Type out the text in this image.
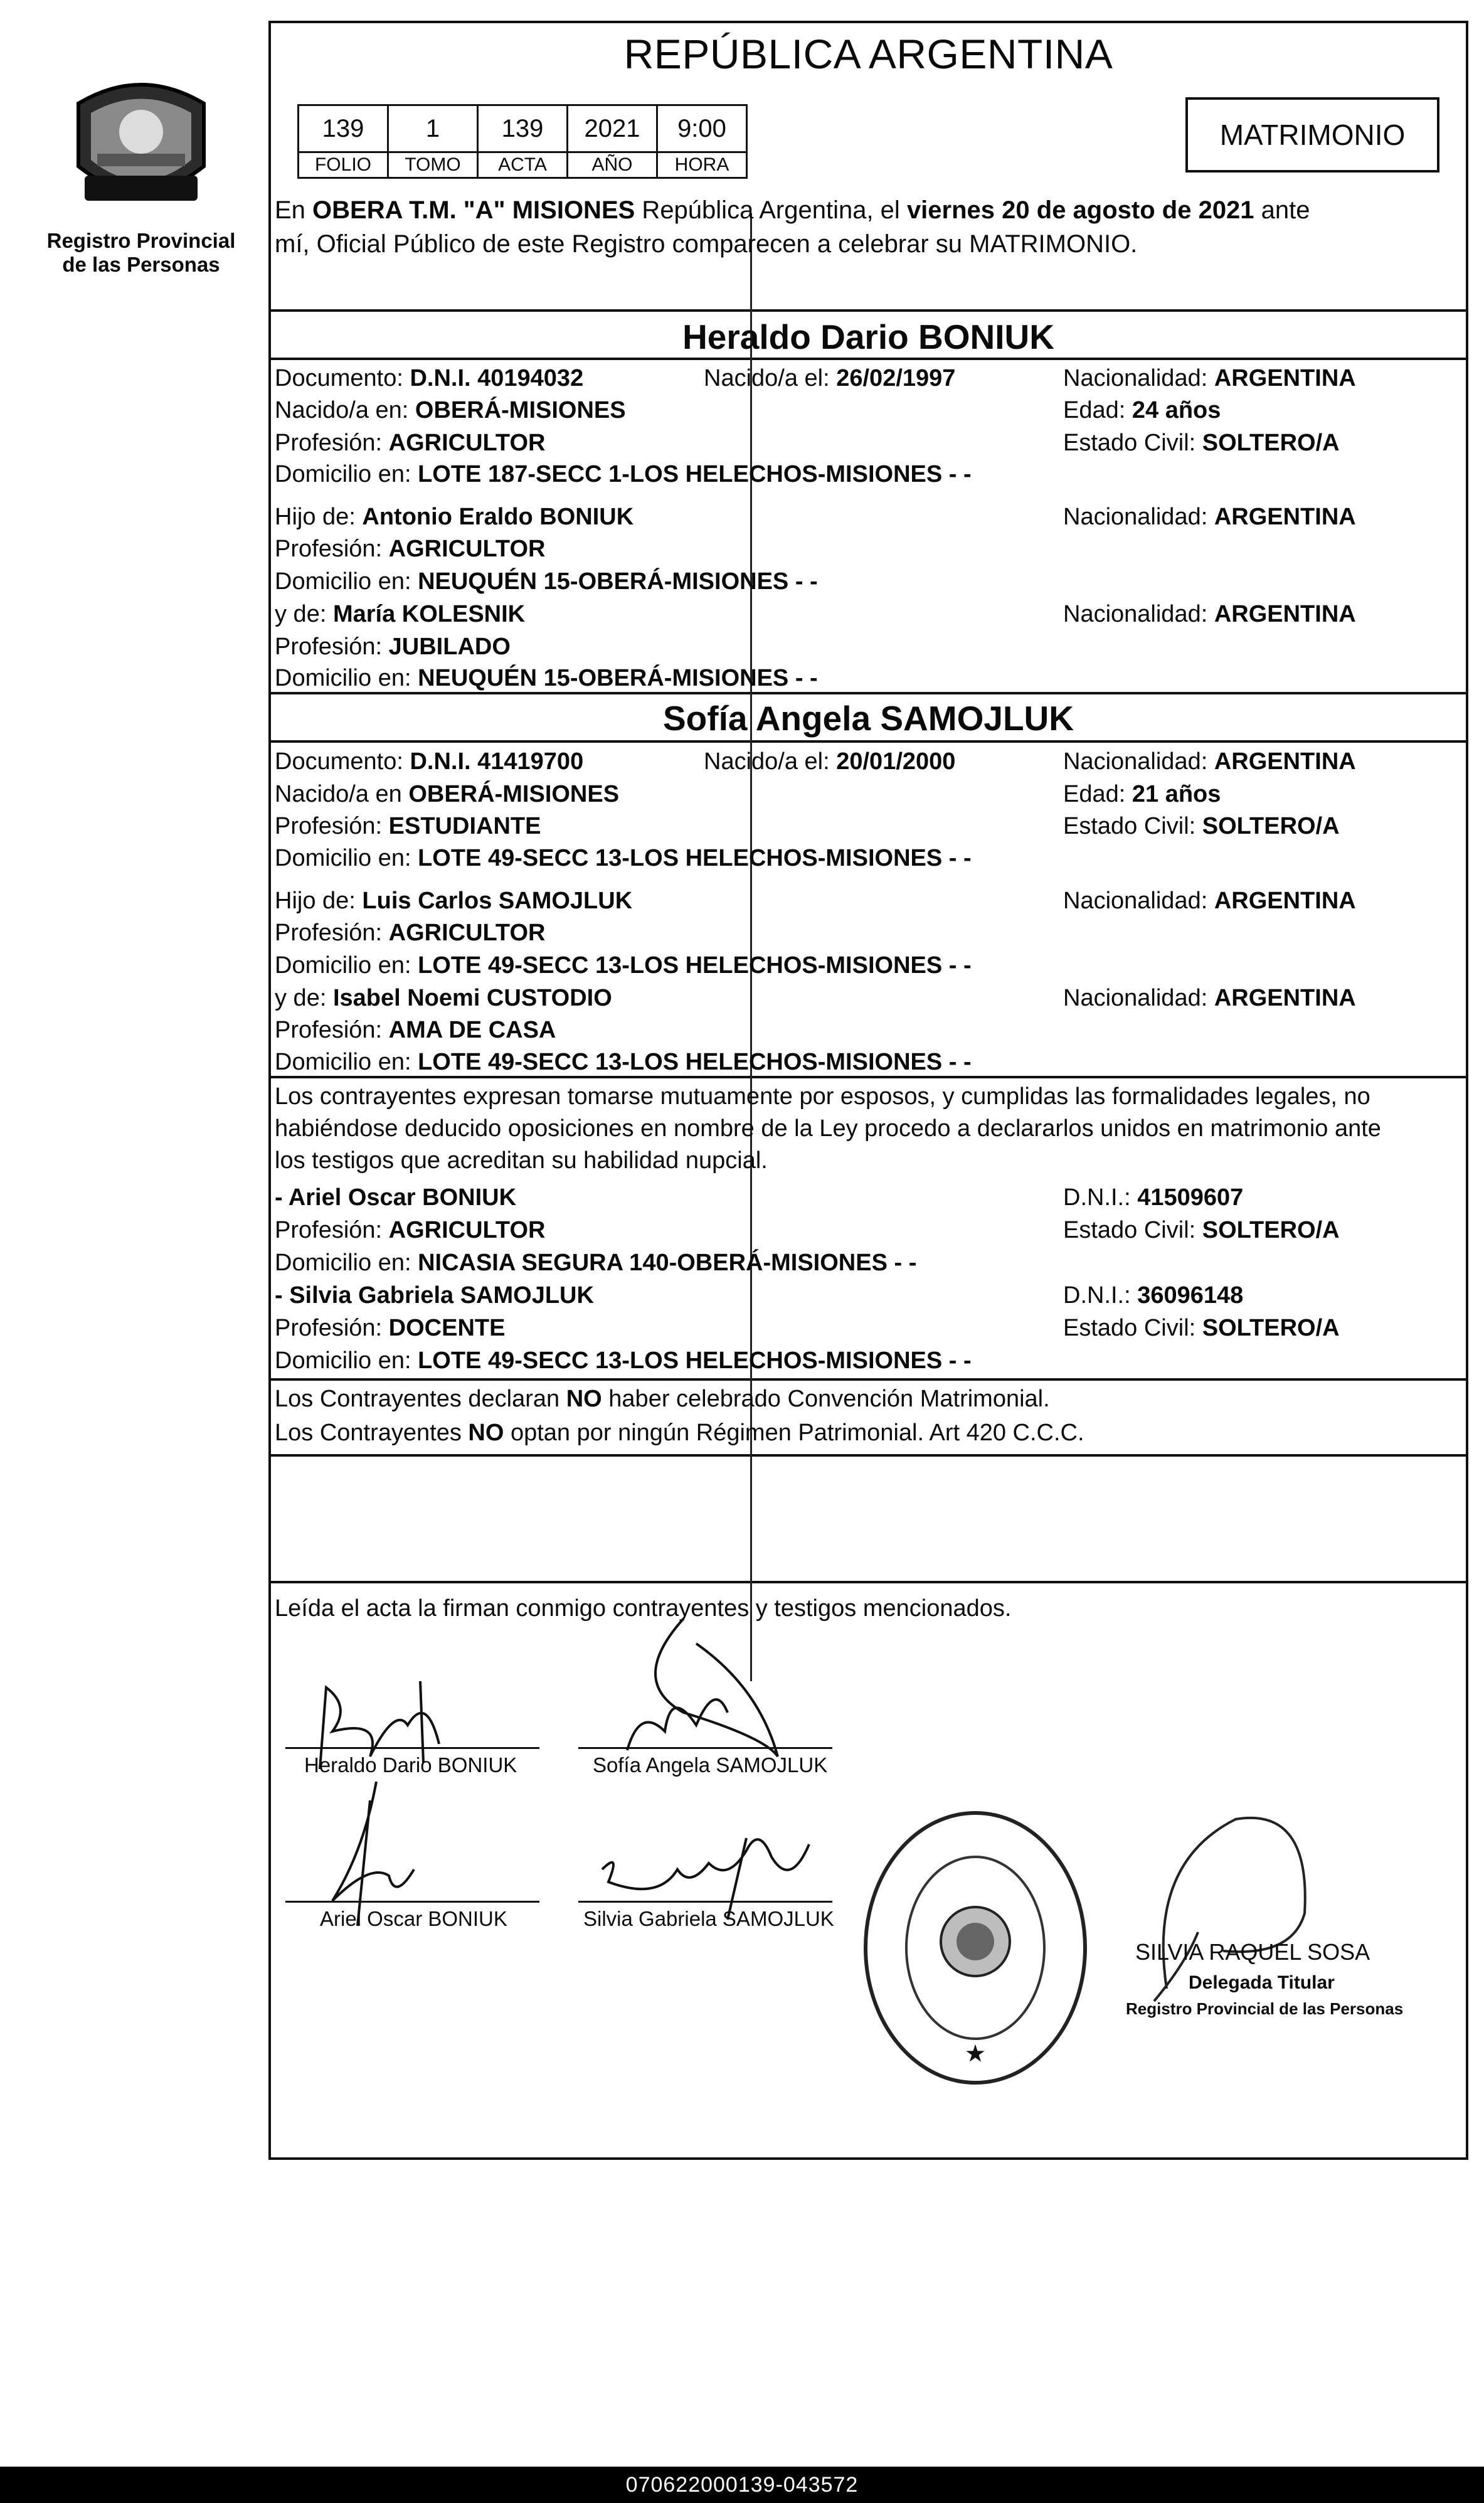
Registro Provincial
de las Personas
REPÚBLICA ARGENTINA
139	1	139	2021	9:00
FOLIO	TOMO	ACTA	AÑO	HORA
MATRIMONIO
En OBERA T.M. "A" MISIONES República Argentina, el viernes 20 de agosto de 2021 ante
mí, Oficial Público de este Registro comparecen a celebrar su MATRIMONIO.
Heraldo Dario BONIUK
Documento: D.N.I. 40194032	Nacido/a el: 26/02/1997	Nacionalidad: ARGENTINA
Nacido/a en: OBERÁ-MISIONES	Edad: 24 años
Profesión: AGRICULTOR	Estado Civil: SOLTERO/A
Domicilio en: LOTE 187-SECC 1-LOS HELECHOS-MISIONES - -
Hijo de: Antonio Eraldo BONIUK	Nacionalidad: ARGENTINA
Profesión: AGRICULTOR
Domicilio en: NEUQUÉN 15-OBERÁ-MISIONES - -
y de: María KOLESNIK	Nacionalidad: ARGENTINA
Profesión: JUBILADO
Domicilio en: NEUQUÉN 15-OBERÁ-MISIONES - -
Sofía Angela SAMOJLUK
Documento: D.N.I. 41419700	Nacido/a el: 20/01/2000	Nacionalidad: ARGENTINA
Nacido/a en OBERÁ-MISIONES	Edad: 21 años
Profesión: ESTUDIANTE	Estado Civil: SOLTERO/A
Domicilio en: LOTE 49-SECC 13-LOS HELECHOS-MISIONES - -
Hijo de: Luis Carlos SAMOJLUK	Nacionalidad: ARGENTINA
Profesión: AGRICULTOR
Domicilio en: LOTE 49-SECC 13-LOS HELECHOS-MISIONES - -
y de: Isabel Noemi CUSTODIO	Nacionalidad: ARGENTINA
Profesión: AMA DE CASA
Domicilio en: LOTE 49-SECC 13-LOS HELECHOS-MISIONES - -
Los contrayentes expresan tomarse mutuamente por esposos, y cumplidas las formalidades legales, no
habiéndose deducido oposiciones en nombre de la Ley procedo a declararlos unidos en matrimonio ante
los testigos que acreditan su habilidad nupcial.
- Ariel Oscar BONIUK	D.N.I.: 41509607
Profesión: AGRICULTOR	Estado Civil: SOLTERO/A
Domicilio en: NICASIA SEGURA 140-OBERÁ-MISIONES - -
- Silvia Gabriela SAMOJLUK	D.N.I.: 36096148
Profesión: DOCENTE	Estado Civil: SOLTERO/A
Domicilio en: LOTE 49-SECC 13-LOS HELECHOS-MISIONES - -
Los Contrayentes declaran NO haber celebrado Convención Matrimonial.
Los Contrayentes NO optan por ningún Régimen Patrimonial. Art 420 C.C.C.
Leída el acta la firman conmigo contrayentes y testigos mencionados.
Heraldo Dario BONIUK	Sofía Angela SAMOJLUK
Ariel Oscar BONIUK	Silvia Gabriela SAMOJLUK
★
SILVIA RAQUEL SOSA
Delegada Titular
Registro Provincial de las Personas
070622000139-043572
